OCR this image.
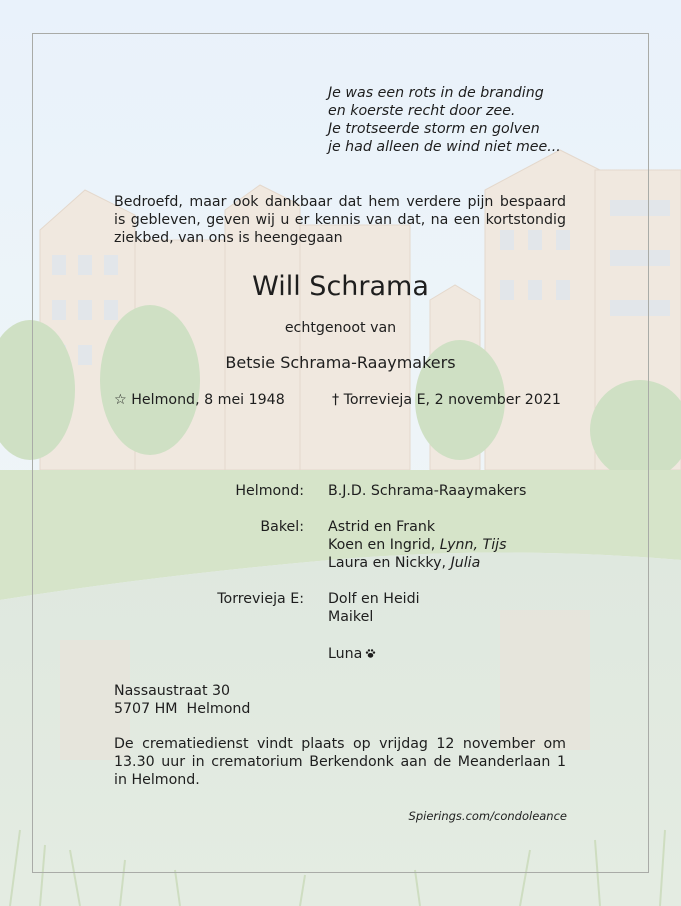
Je was een rots in de branding
en koerste recht door zee.
Je trotseerde storm en golven
je had alleen de wind niet mee...

Bedroefd, maar ook dankbaar dat hem verdere pijn bespaard is gebleven, geven wij u er kennis van dat, na een kortstondig ziekbed, van ons is heengegaan

Will Schrama
echtgenoot van
Betsie Schrama-Raaymakers
☆ Helmond, 8 mei 1948	† Torrevieja E, 2 november 2021
Helmond: B.J.D. Schrama-Raaymakers
Bakel: Astrid en Frank
Koen en Ingrid, Lynn, Tijs
Laura en Nickky, Julia
Torrevieja E: Dolf en Heidi
Maikel
Luna
Nassaustraat 30
5707 HM  Helmond

De crematiedienst vindt plaats op vrijdag 12 november om 13.30 uur in crematorium Berkendonk aan de Meanderlaan 1 in Helmond.

Spierings.com/condoleance
